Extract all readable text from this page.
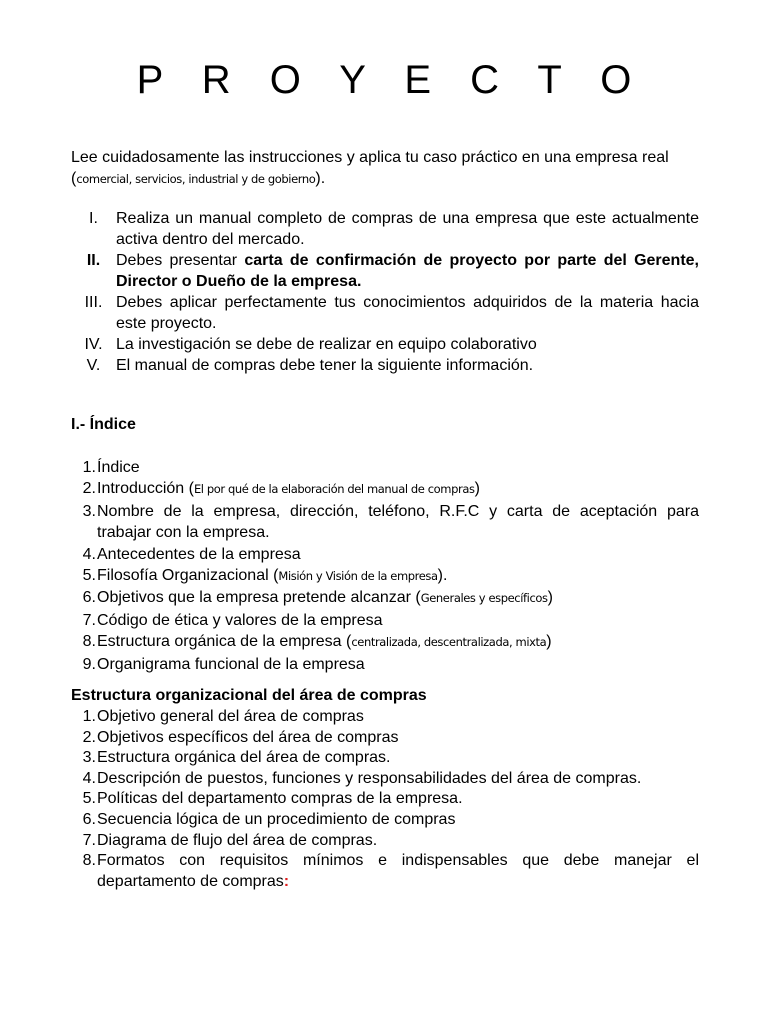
P R O Y E C T O

Lee cuidadosamente las instrucciones y aplica tu caso práctico en una empresa real (comercial, servicios, industrial y de gobierno).

I.	Realiza un manual completo de compras de una empresa que este actualmente activa dentro del mercado.
II. Debes presentar carta de confirmación de proyecto por parte del Gerente, Director o Dueño de la empresa.
III. Debes aplicar perfectamente tus conocimientos adquiridos de la materia hacia este proyecto.
IV. La investigación se debe de realizar en equipo colaborativo
V. El manual de compras debe tener la siguiente información.
I.- Índice
1. Índice
2. Introducción (El por qué de la elaboración del manual de compras)
3. Nombre de la empresa, dirección, teléfono, R.F.C y carta de aceptación para trabajar con la empresa.
4. Antecedentes de la empresa
5. Filosofía Organizacional (Misión y Visión de la empresa).
6. Objetivos que la empresa pretende alcanzar (Generales y específicos)
7. Código de ética y valores de la empresa
8. Estructura orgánica de la empresa (centralizada, descentralizada, mixta)
9. Organigrama funcional de la empresa
Estructura organizacional del área de compras
1. Objetivo general del área de compras
2. Objetivos específicos del área de compras
3. Estructura orgánica del área de compras.
4. Descripción de puestos, funciones y responsabilidades del área de compras.
5. Políticas del departamento compras de la empresa.
6. Secuencia lógica de un procedimiento de compras
7. Diagrama de flujo del área de compras.
8. Formatos con requisitos mínimos e indispensables que debe manejar el departamento de compras:
